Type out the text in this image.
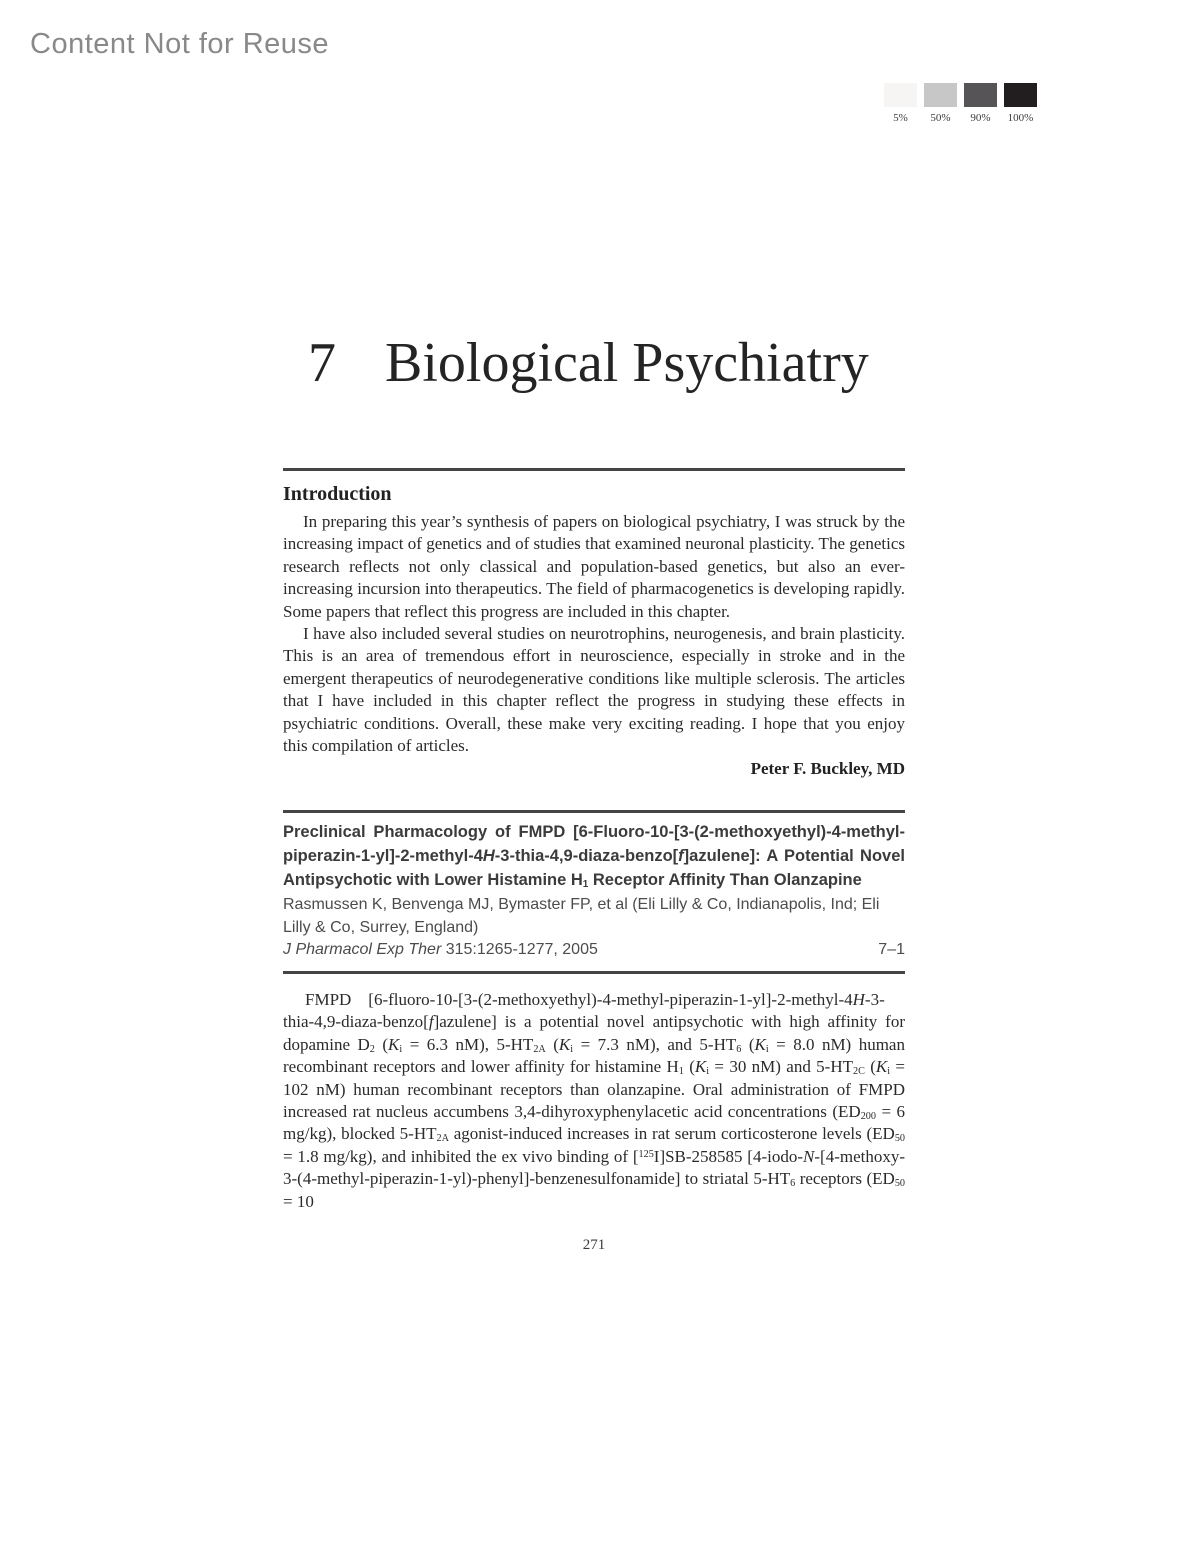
Content Not for Reuse
5%	50%	90%	100%
7 Biological Psychiatry
Introduction

In preparing this year’s synthesis of papers on biological psychiatry, I was struck by the increasing impact of genetics and of studies that examined neuronal plasticity. The genetics research reflects not only classical and population-based genetics, but also an ever-increasing incursion into therapeutics. The field of pharmacogenetics is developing rapidly. Some papers that reflect this progress are included in this chapter.

I have also included several studies on neurotrophins, neurogenesis, and brain plasticity. This is an area of tremendous effort in neuroscience, especially in stroke and in the emergent therapeutics of neurodegenerative conditions like multiple sclerosis. The articles that I have included in this chapter reflect the progress in studying these effects in psychiatric conditions. Overall, these make very exciting reading. I hope that you enjoy this compilation of articles.

Peter F. Buckley, MD

Preclinical Pharmacology of FMPD [6-Fluoro-10-[3-(2-methoxyethyl)-4-methyl-piperazin-1-yl]-2-methyl-4H-3-thia-4,9-diaza-benzo[f]azulene]: A Potential Novel Antipsychotic with Lower Histamine $H_1$ Receptor Affinity Than Olanzapine

Rasmussen K, Benvenga MJ, Bymaster FP, et al (Eli Lilly & Co, Indianapolis, Ind; Eli Lilly & Co, Surrey, England)

J Pharmacol Exp Ther 315:1265-1277, 2005	7–1

FMPD  [6-fluoro-10-[3-(2-methoxyethyl)-4-methyl-piperazin-1-yl]-2-methyl-4H-3-thia-4,9-diaza-benzo[f]azulene] is a potential novel antipsychotic with high affinity for dopamine $D_2$ ($K_i = 6.3$ nM), $5-HT_{2A}$ ($K_i = 7.3$ nM), and $5-HT_6$ ($K_i = 8.0$ nM) human recombinant receptors and lower affinity for histamine $H_1$ ($K_i = 30$ nM) and $5-HT_{2C}$ ($K_i = 102$ nM) human recombinant receptors than olanzapine. Oral administration of FMPD increased rat nucleus accumbens 3,4-dihyroxyphenylacetic acid concentrations ($ED_{200} = 6$ mg/kg), blocked $5-HT_{2A}$ agonist-induced increases in rat serum corticosterone levels ($ED_{50} = 1.8$ mg/kg), and inhibited the ex vivo binding of [$^{125}$I]SB-258585 [4-iodo-N-[4-methoxy-3-(4-methyl-piperazin-1-yl)-phenyl]-benzenesulfonamide] to striatal $5-HT_6$ receptors ($ED_{50} = 10$

271
